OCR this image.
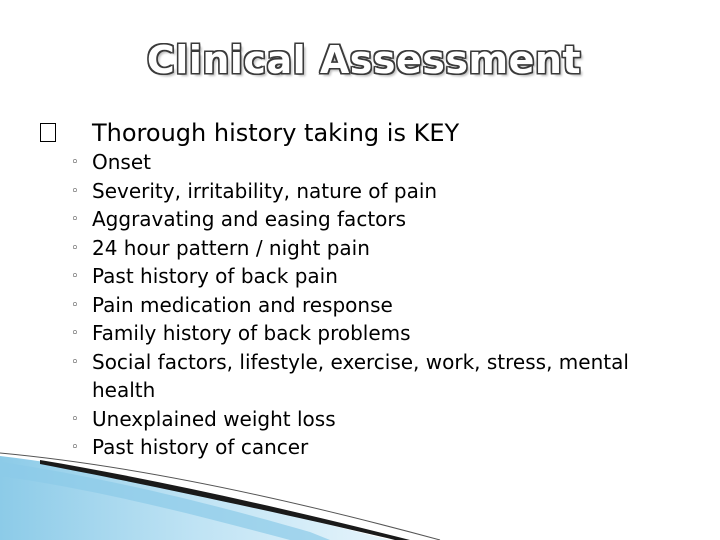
Clinical Assessment
Thorough history taking is KEY
◦ Onset
◦ Severity, irritability, nature of pain
◦ Aggravating and easing factors
◦ 24 hour pattern / night pain
◦ Past history of back pain
◦ Pain medication and response
◦ Family history of back problems
◦ Social factors, lifestyle, exercise, work, stress, mental health
◦ Unexplained weight loss
◦ Past history of cancer
